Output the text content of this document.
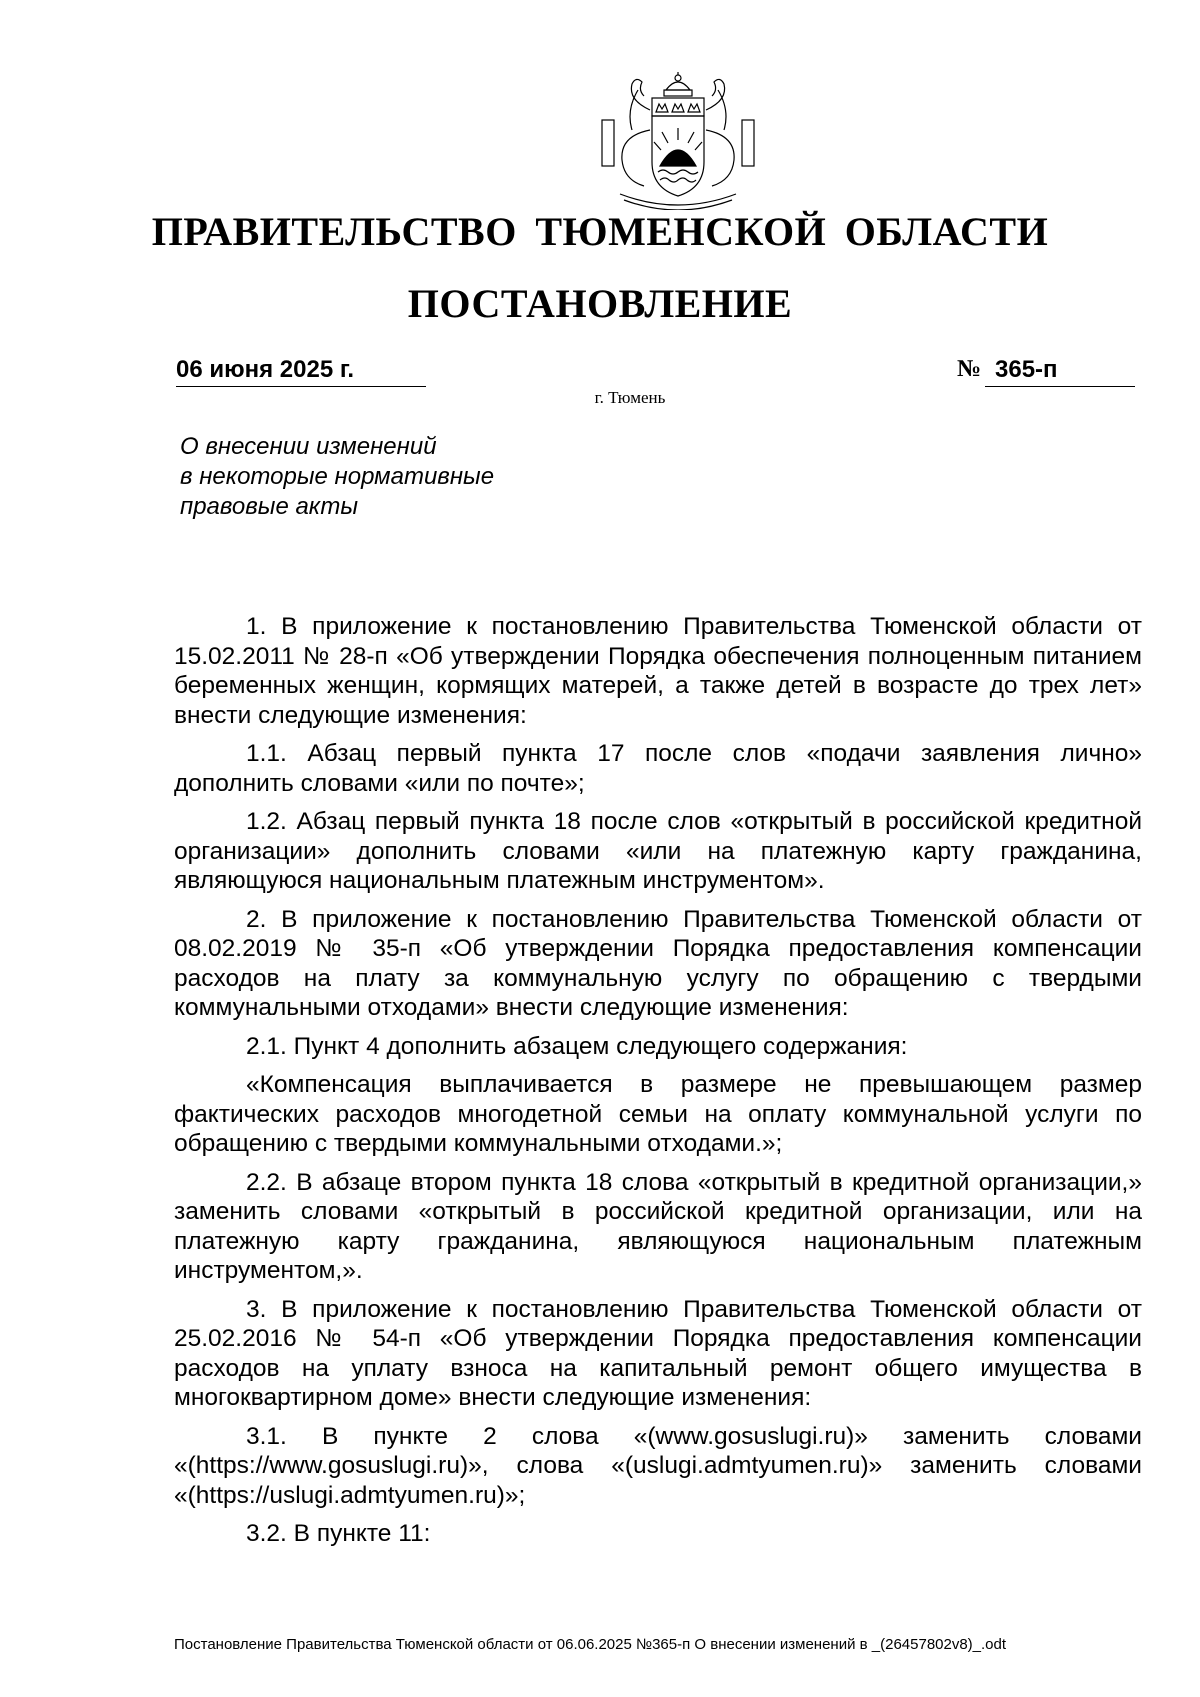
ПРАВИТЕЛЬСТВО ТЮМЕНСКОЙ ОБЛАСТИ
ПОСТАНОВЛЕНИЕ
06 июня 2025 г.	№ 365-п
г. Тюмень
О внесении изменений
в некоторые нормативные
правовые акты

1. В приложение к постановлению Правительства Тюменской области от 15.02.2011 № 28-п «Об утверждении Порядка обеспечения полноценным питанием беременных женщин, кормящих матерей, а также детей в возрасте до трех лет» внести следующие изменения:

1.1. Абзац первый пункта 17 после слов «подачи заявления лично» дополнить словами «или по почте»;

1.2. Абзац первый пункта 18 после слов «открытый в российской кредитной организации» дополнить словами «или на платежную карту гражданина, являющуюся национальным платежным инструментом».

2. В приложение к постановлению Правительства Тюменской области от 08.02.2019 № 35-п «Об утверждении Порядка предоставления компенсации расходов на плату за коммунальную услугу по обращению с твердыми коммунальными отходами» внести следующие изменения:

2.1. Пункт 4 дополнить абзацем следующего содержания:

«Компенсация выплачивается в размере не превышающем размер фактических расходов многодетной семьи на оплату коммунальной услуги по обращению с твердыми коммунальными отходами.»;

2.2. В абзаце втором пункта 18 слова «открытый в кредитной организации,» заменить словами «открытый в российской кредитной организации, или на платежную карту гражданина, являющуюся национальным платежным инструментом,».

3. В приложение к постановлению Правительства Тюменской области от 25.02.2016 № 54-п «Об утверждении Порядка предоставления компенсации расходов на уплату взноса на капитальный ремонт общего имущества в многоквартирном доме» внести следующие изменения:

3.1. В пункте 2 слова «(www.gosuslugi.ru)» заменить словами «(https://www.gosuslugi.ru)», слова «(uslugi.admtyumen.ru)» заменить словами «(https://uslugi.admtyumen.ru)»;

3.2. В пункте 11:

Постановление Правительства Тюменской области от 06.06.2025 №365-п О внесении изменений в _(26457802v8)_.odt
